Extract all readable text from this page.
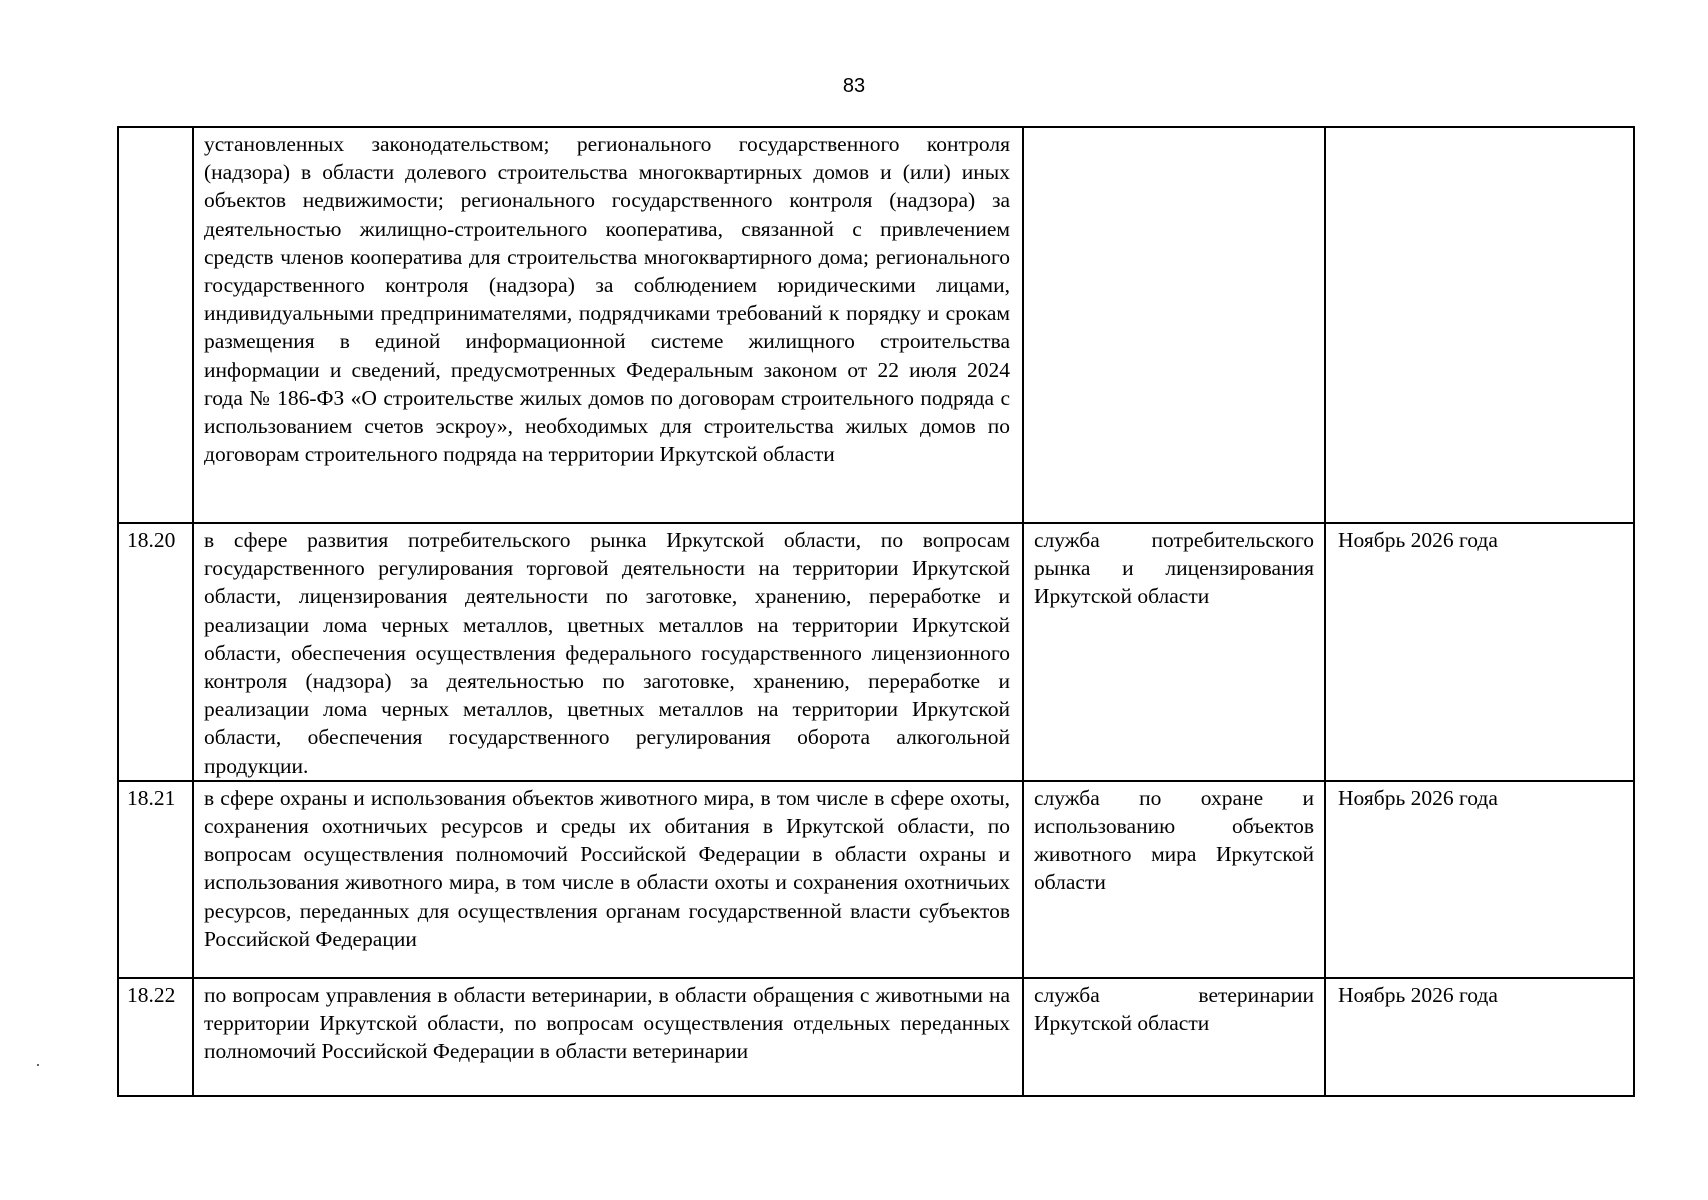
83
	установленных законодательством; регионального государственного контроля (надзора) в области долевого строительства многоквартирных домов и (или) иных объектов недвижимости; регионального государственного контроля (надзора) за деятельностью жилищно-строительного кооператива, связанной с привлечением средств членов кооператива для строительства многоквартирного дома; регионального государственного контроля (надзора) за соблюдением юридическими лицами, индивидуальными предпринимателями, подрядчиками требований к порядку и срокам размещения в единой информационной системе жилищного строительства информации и сведений, предусмотренных Федеральным законом от 22 июля 2024 года № 186-ФЗ «О строительстве жилых домов по договорам строительного подряда с использованием счетов эскроу», необходимых для строительства жилых домов по договорам строительного подряда на территории Иркутской области		
18.20	в сфере развития потребительского рынка Иркутской области, по вопросам государственного регулирования торговой деятельности на территории Иркутской области, лицензирования деятельности по заготовке, хранению, переработке и реализации лома черных металлов, цветных металлов на территории Иркутской области, обеспечения осуществления федерального государственного лицензионного контроля (надзора) за деятельностью по заготовке, хранению, переработке и реализации лома черных металлов, цветных металлов на территории Иркутской области, обеспечения государственного регулирования оборота алкогольной продукции.	служба потребительского рынка и лицензирования Иркутской области	Ноябрь 2026 года
18.21	в сфере охраны и использования объектов животного мира, в том числе в сфере охоты, сохранения охотничьих ресурсов и среды их обитания в Иркутской области, по вопросам осуществления полномочий Российской Федерации в области охраны и использования животного мира, в том числе в области охоты и сохранения охотничьих ресурсов, переданных для осуществления органам государственной власти субъектов Российской Федерации	служба по охране и использованию объектов животного мира Иркутской области	Ноябрь 2026 года
18.22	по вопросам управления в области ветеринарии, в области обращения с животными на территории Иркутской области, по вопросам осуществления отдельных переданных полномочий Российской Федерации в области ветеринарии	служба ветеринарии Иркутской области	Ноябрь 2026 года
